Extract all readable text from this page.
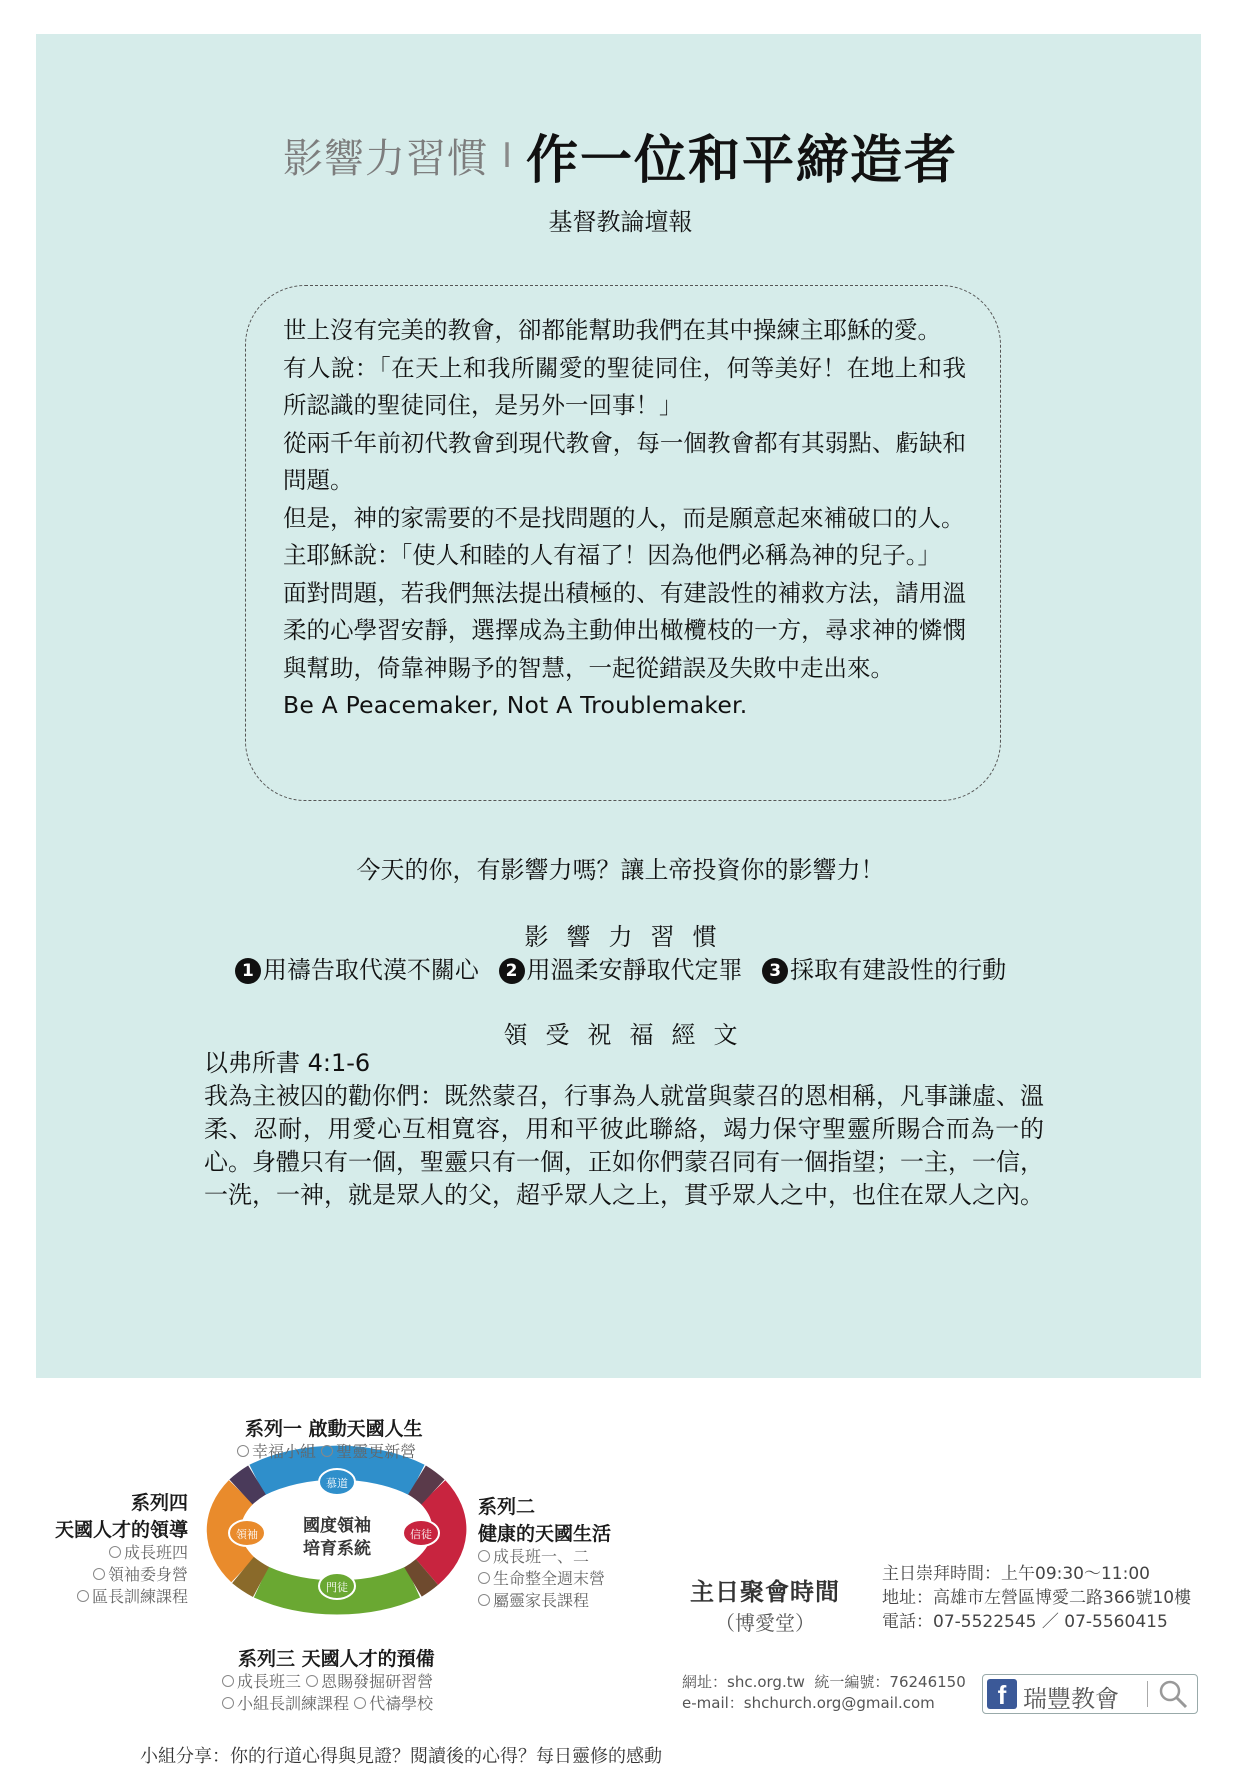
影響力習慣 I 作一位和平締造者
基督教論壇報

世上沒有完美的教會，卻都能幫助我們在其中操練主耶穌的愛。

有人說：「在天上和我所關愛的聖徒同住，何等美好！在地上和我所認識的聖徒同住，是另外一回事！」

從兩千年前初代教會到現代教會，每一個教會都有其弱點、虧缺和問題。

但是，神的家需要的不是找問題的人，而是願意起來補破口的人。

主耶穌說：「使人和睦的人有福了！因為他們必稱為神的兒子。」

面對問題，若我們無法提出積極的、有建設性的補救方法，請用溫柔的心學習安靜，選擇成為主動伸出橄欖枝的一方，尋求神的憐憫與幫助，倚靠神賜予的智慧，一起從錯誤及失敗中走出來。

Be A Peacemaker, Not A Troublemaker.

今天的你，有影響力嗎？讓上帝投資你的影響力！
影響力習慣
1 用禱告取代漠不關心 2 用溫柔安靜取代定罪 3 採取有建設性的行動
領受祝福經文

以弗所書 4:1-6

我為主被囚的勸你們：既然蒙召，行事為人就當與蒙召的恩相稱，凡事謙虛、溫柔、忍耐，用愛心互相寬容，用和平彼此聯絡，竭力保守聖靈所賜合而為一的心。身體只有一個，聖靈只有一個，正如你們蒙召同有一個指望；一主，一信，一洗，一神，就是眾人的父，超乎眾人之上，貫乎眾人之中，也住在眾人之內。

慕道
信徒
門徒
領袖	國度領袖
培育系統
系列一 啟動天國人生
幸福小組 聖靈更新營
系列二
健康的天國生活
成長班一、二
生命整全週末營
屬靈家長課程
系列三 天國人才的預備
成長班三 恩賜發掘研習營
小組長訓練課程 代禱學校
系列四
天國人才的領導
成長班四
領袖委身營
區長訓練課程	主日聚會時間
（博愛堂）
主日崇拜時間：上午09:30～11:00
地址：高雄市左營區博愛二路366號10樓
電話：07-5522545 ／ 07-5560415
網址：shc.org.tw 統一編號：76246150
e-mail：shchurch.org@gmail.com	f 瑞豐教會
小組分享：你的行道心得與見證？閱讀後的心得？每日靈修的感動
